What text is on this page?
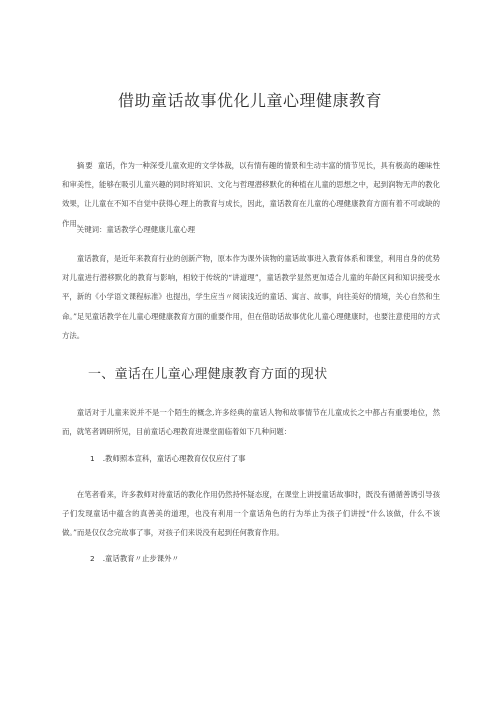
借助童话故事优化儿童心理健康教育

摘要 童话，作为一种深受儿童欢迎的文学体裁，以有情有趣的情景和生动丰富的情节见长，具有极高的趣味性和审美性，能够在吸引儿童兴趣的同时将知识、文化与哲理潜移默化的种植在儿童的思想之中，起到润物无声的教化效果，让儿童在不知不自觉中获得心理上的教育与成长，因此，童话教育在儿童的心理健康教育方面有着不可或缺的作用。

关键词：童话教学心理健康儿童心理

童话教育，是近年来教育行业的创新产物，原本作为课外读物的童话故事进入教育体系和课堂，利用自身的优势对儿童进行潜移默化的教育与影响，相较于传统的“讲道理”，童话教学显然更加适合儿童的年龄区间和知识接受水平，新的《小学语文课程标准》也提出，学生应当〃阅读浅近的童话、寓言、故事，向往美好的情境，关心自然和生命。”足见童话教学在儿童心理健康教育方面的重要作用，但在借助话故事优化儿童心理健康时，也要注意使用的方式方法。

一、童话在儿童心理健康教育方面的现状

童话对于儿童来说并不是一个陌生的概念,许多经典的童话人物和故事情节在儿童成长之中都占有重要地位，然而，就笔者调研所见，目前童话心理教育进课堂面临着如下几种问题：

1 .教师照本宣科，童话心理教育仅仅应付了事

在笔者看来，许多教师对待童话的教化作用仍然持怀疑态度，在课堂上讲授童话故事时，既没有循循善诱引导孩子们发现童话中蕴含的真善美的道理，也没有利用一个童话角色的行为举止为孩子们讲授“什么该做，什么不该做。”而是仅仅念完故事了事，对孩子们来说没有起到任何教育作用。

2 .童话教育〃止步课外〃
